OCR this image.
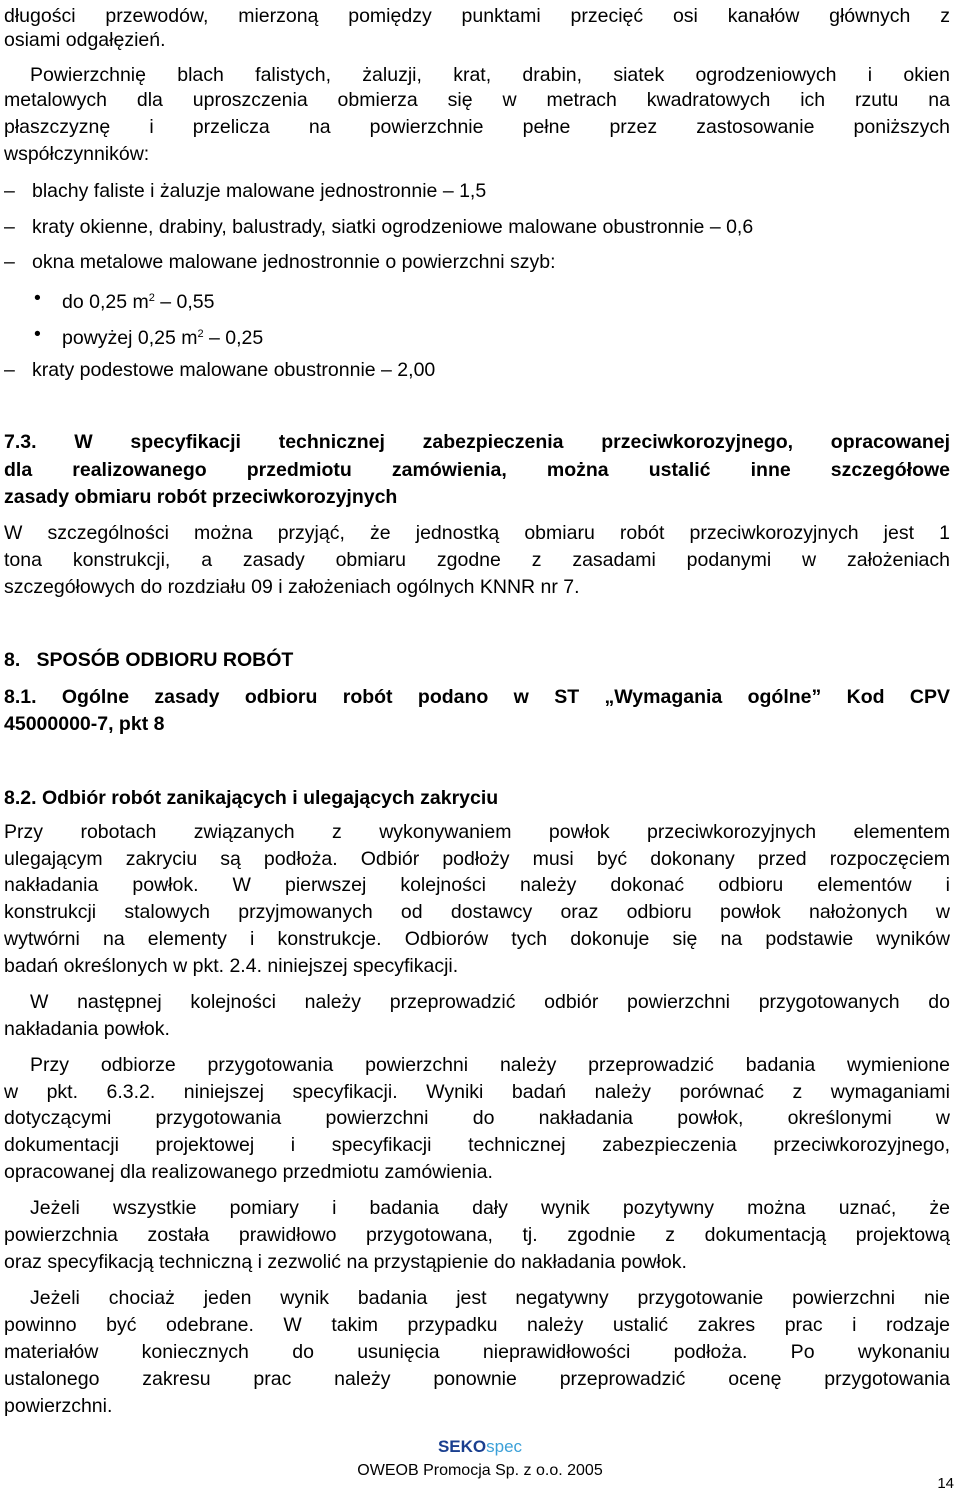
długości przewodów, mierzoną pomiędzy punktami przecięć osi kanałów głównych z
osiami odgałęzień.
Powierzchnię blach falistych, żaluzji, krat, drabin, siatek ogrodzeniowych i okien
metalowych dla uproszczenia obmierza się w metrach kwadratowych ich rzutu na
płaszczyznę i przelicza na powierzchnie pełne przez zastosowanie poniższych
współczynników:
– blachy faliste i żaluzje malowane jednostronnie – 1,5
– kraty okienne, drabiny, balustrady, siatki ogrodzeniowe malowane obustronnie – 0,6
– okna metalowe malowane jednostronnie o powierzchni szyb:
• do 0,25 $m^2 - 0,55$
• powyżej 0,25 $m^2 - 0,25$
– kraty podestowe malowane obustronnie – 2,00
7.3. W specyfikacji technicznej zabezpieczenia przeciwkorozyjnego, opracowanej
dla realizowanego przedmiotu zamówienia, można ustalić inne szczegółowe
zasady obmiaru robót przeciwkorozyjnych
W szczególności można przyjąć, że jednostką obmiaru robót przeciwkorozyjnych jest 1
tona konstrukcji, a zasady obmiaru zgodne z zasadami podanymi w założeniach
szczegółowych do rozdziału 09 i założeniach ogólnych KNNR nr 7.
8.   SPOSÓB ODBIORU ROBÓT
8.1. Ogólne zasady odbioru robót podano w ST „Wymagania ogólne” Kod CPV
45000000-7, pkt 8
8.2. Odbiór robót zanikających i ulegających zakryciu
Przy robotach związanych z wykonywaniem powłok przeciwkorozyjnych elementem
ulegającym zakryciu są podłoża. Odbiór podłoży musi być dokonany przed rozpoczęciem
nakładania powłok. W pierwszej kolejności należy dokonać odbioru elementów i
konstrukcji stalowych przyjmowanych od dostawcy oraz odbioru powłok nałożonych w
wytwórni na elementy i konstrukcje. Odbiorów tych dokonuje się na podstawie wyników
badań określonych w pkt. 2.4. niniejszej specyfikacji.
W następnej kolejności należy przeprowadzić odbiór powierzchni przygotowanych do
nakładania powłok.
Przy odbiorze przygotowania powierzchni należy przeprowadzić badania wymienione
w pkt. 6.3.2. niniejszej specyfikacji. Wyniki badań należy porównać z wymaganiami
dotyczącymi przygotowania powierzchni do nakładania powłok, określonymi w
dokumentacji projektowej i specyfikacji technicznej zabezpieczenia przeciwkorozyjnego,
opracowanej dla realizowanego przedmiotu zamówienia.
Jeżeli wszystkie pomiary i badania dały wynik pozytywny można uznać, że
powierzchnia została prawidłowo przygotowana, tj. zgodnie z dokumentacją projektową
oraz specyfikacją techniczną i zezwolić na przystąpienie do nakładania powłok.
Jeżeli chociaż jeden wynik badania jest negatywny przygotowanie powierzchni nie
powinno być odebrane. W takim przypadku należy ustalić zakres prac i rodzaje
materiałów koniecznych do usunięcia nieprawidłowości podłoża. Po wykonaniu
ustalonego zakresu prac należy ponownie przeprowadzić ocenę przygotowania
powierzchni.
SEKOspec
OWEOB Promocja Sp. z o.o. 2005
14
